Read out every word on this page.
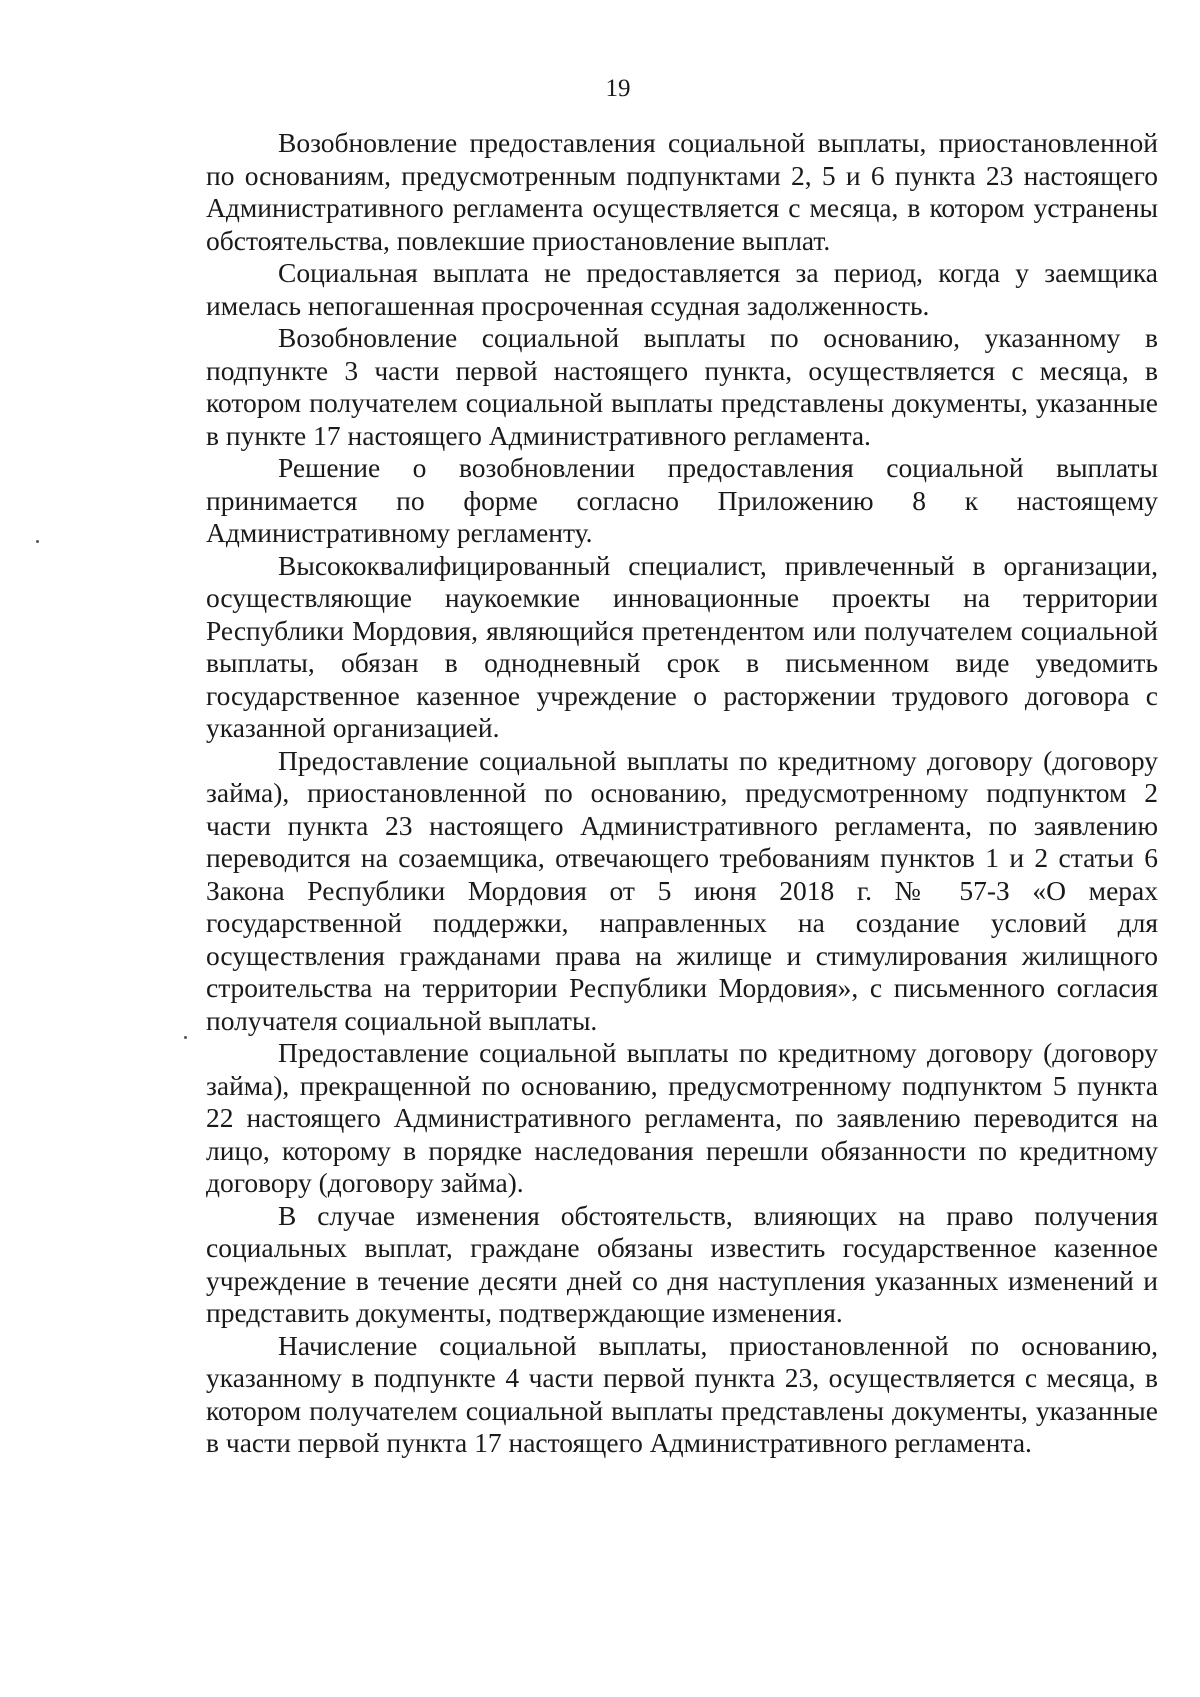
19

Возобновление предоставления социальной выплаты, приостановленной по основаниям, предусмотренным подпунктами 2, 5 и 6 пункта 23 настоящего Административного регламента осуществляется с месяца, в котором устранены обстоятельства, повлекшие приостановление выплат.

Социальная выплата не предоставляется за период, когда у заемщика имелась непогашенная просроченная ссудная задолженность.

Возобновление социальной выплаты по основанию, указанному в подпункте 3 части первой настоящего пункта, осуществляется с месяца, в котором получателем социальной выплаты представлены документы, указанные в пункте 17 настоящего Административного регламента.

Решение о возобновлении предоставления социальной выплаты принимается по форме согласно Приложению 8 к настоящему Административному регламенту.

Высококвалифицированный специалист, привлеченный в организации, осуществляющие наукоемкие инновационные проекты на территории Республики Мордовия, являющийся претендентом или получателем социальной выплаты, обязан в однодневный срок в письменном виде уведомить государственное казенное учреждение о расторжении трудового договора с указанной организацией.

Предоставление социальной выплаты по кредитному договору (договору займа), приостановленной по основанию, предусмотренному подпунктом 2 части пункта 23 настоящего Административного регламента, по заявлению переводится на созаемщика, отвечающего требованиям пунктов 1 и 2 статьи 6 Закона Республики Мордовия от 5 июня 2018 г. № 57-З «О мерах государственной поддержки, направленных на создание условий для осуществления гражданами права на жилище и стимулирования жилищного строительства на территории Республики Мордовия», с письменного согласия получателя социальной выплаты.

Предоставление социальной выплаты по кредитному договору (договору займа), прекращенной по основанию, предусмотренному подпунктом 5 пункта 22 настоящего Административного регламента, по заявлению переводится на лицо, которому в порядке наследования перешли обязанности по кредитному договору (договору займа).

В случае изменения обстоятельств, влияющих на право получения социальных выплат, граждане обязаны известить государственное казенное учреждение в течение десяти дней со дня наступления указанных изменений и представить документы, подтверждающие изменения.

Начисление социальной выплаты, приостановленной по основанию, указанному в подпункте 4 части первой пункта 23, осуществляется с месяца, в котором получателем социальной выплаты представлены документы, указанные в части первой пункта 17 настоящего Административного регламента.
